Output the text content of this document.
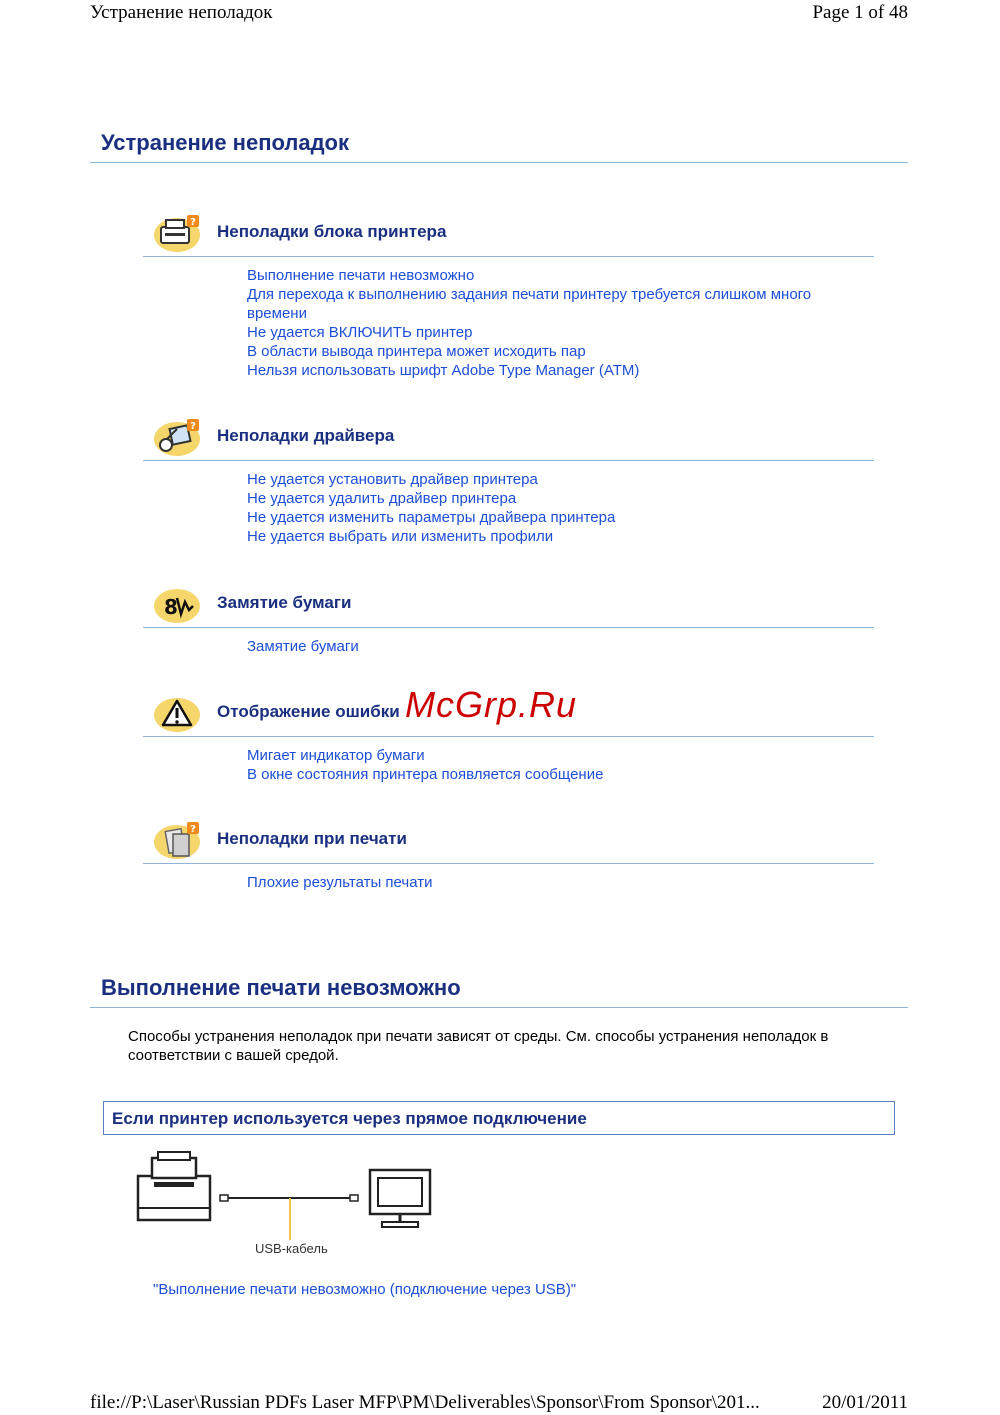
Устранение неполадок	Page 1 of 48
Устранение неполадок
? Неполадки блока принтера
Выполнение печати невозможно
Для перехода к выполнению задания печати принтеру требуется слишком много
времени
Не удается ВКЛЮЧИТЬ принтер
В области вывода принтера может исходить пар
Нельзя использовать шрифт Adobe Type Manager (ATM)
? Неполадки драйвера
Не удается установить драйвер принтера
Не удается удалить драйвер принтера
Не удается изменить параметры драйвера принтера
Не удается выбрать или изменить профили
8 Замятие бумаги
Замятие бумаги
Отображение ошибки
Мигает индикатор бумаги
В окне состояния принтера появляется сообщение
? Неполадки при печати
Плохие результаты печати
McGrp.Ru
Выполнение печати невозможно
Способы устранения неполадок при печати зависят от среды. См. способы устранения неполадок в соответствии с вашей средой.
Если принтер используется через прямое подключение
USB-кабель
"Выполнение печати невозможно (подключение через USB)"
file://P:\Laser\Russian PDFs Laser MFP\PM\Deliverables\Sponsor\From Sponsor\201...	20/01/2011
